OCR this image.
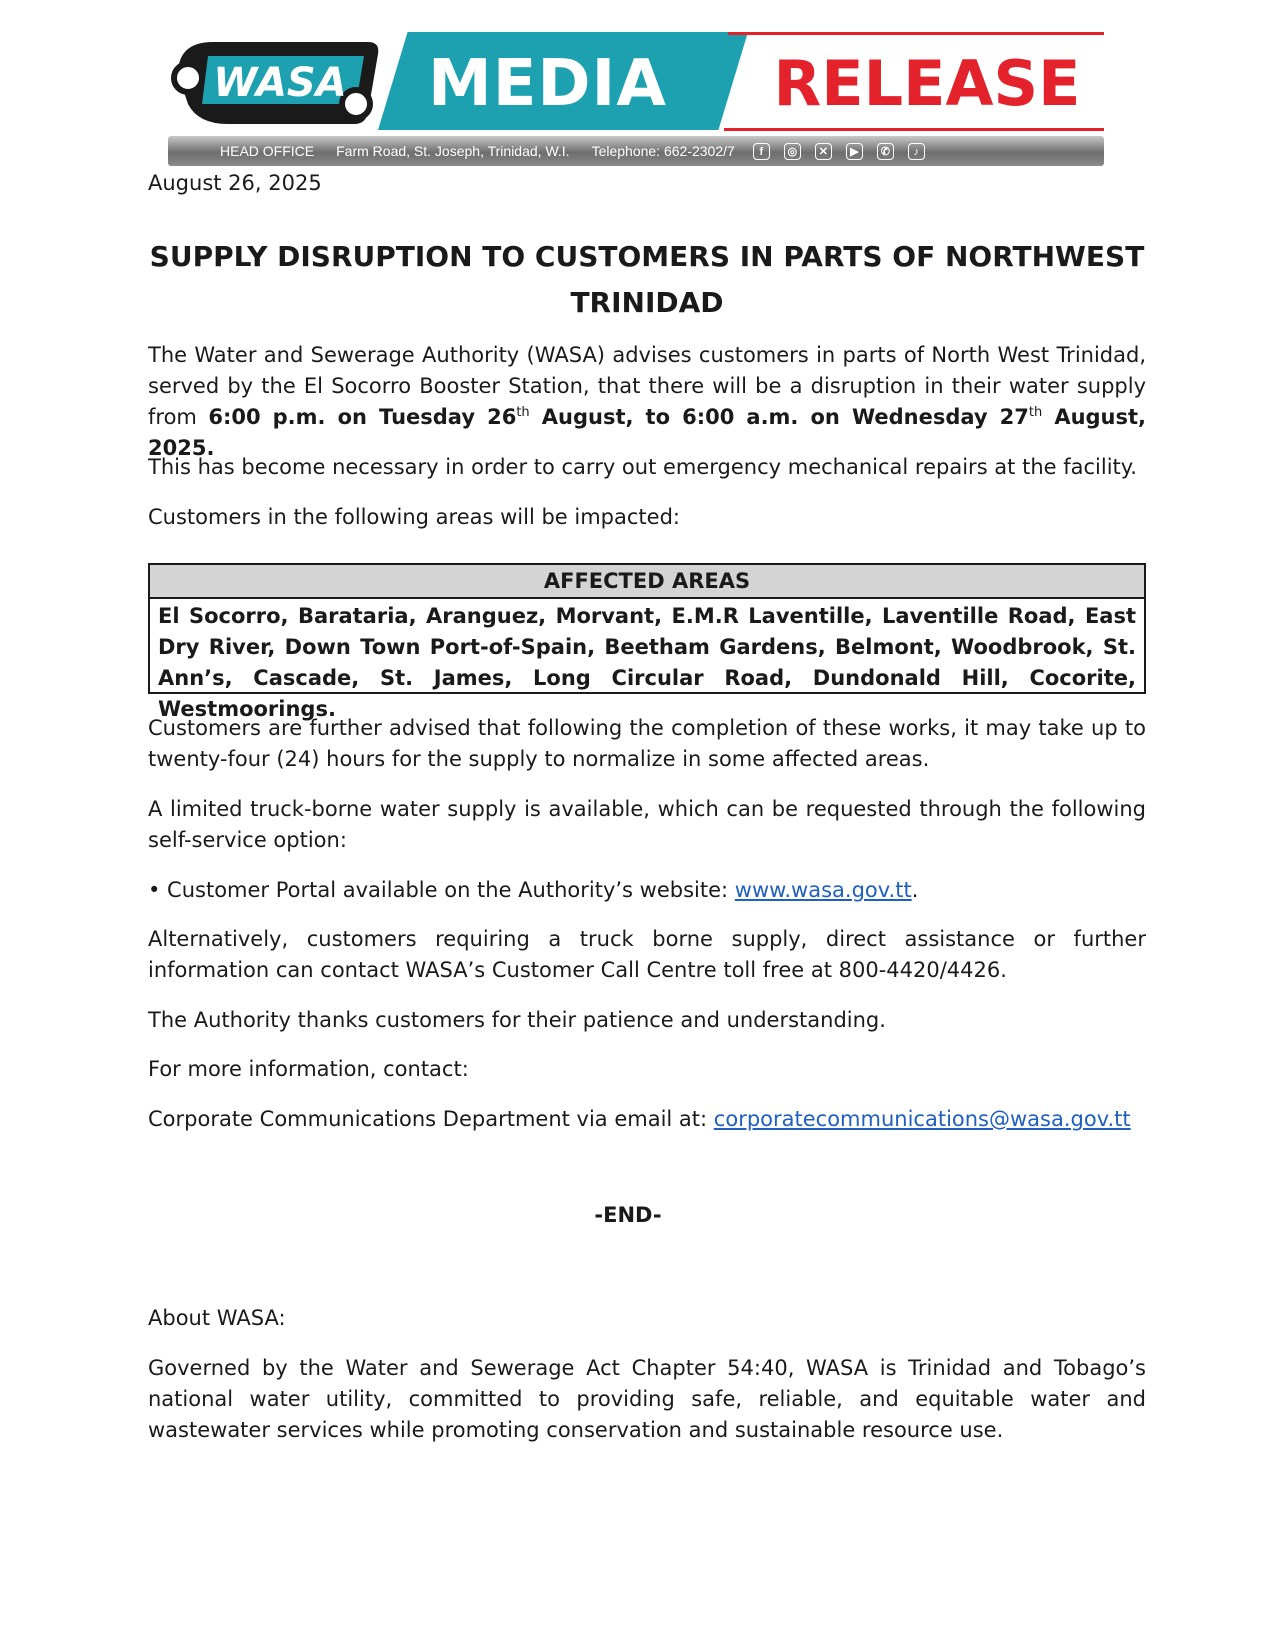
WASA MEDIA	RELEASE
HEAD OFFICE Farm Road, St. Joseph, Trinidad, W.I. Telephone: 662-2302/7	f	◎	✕	▶	✆	♪
August 26, 2025
SUPPLY DISRUPTION TO CUSTOMERS IN PARTS OF NORTHWEST TRINIDAD

The Water and Sewerage Authority (WASA) advises customers in parts of North West Trinidad, served by the El Socorro Booster Station, that there will be a disruption in their water supply from 6:00 p.m. on Tuesday 26th August, to 6:00 a.m. on Wednesday 27th August, 2025.

This has become necessary in order to carry out emergency mechanical repairs at the facility.

Customers in the following areas will be impacted:

AFFECTED AREAS
El Socorro, Barataria, Aranguez, Morvant, E.M.R Laventille, Laventille Road, East Dry River, Down Town Port-of-Spain, Beetham Gardens, Belmont, Woodbrook, St. Ann’s, Cascade, St. James, Long Circular Road, Dundonald Hill, Cocorite, Westmoorings.

Customers are further advised that following the completion of these works, it may take up to twenty-four (24) hours for the supply to normalize in some affected areas.

A limited truck-borne water supply is available, which can be requested through the following self-service option:

• Customer Portal available on the Authority’s website: www.wasa.gov.tt.

Alternatively, customers requiring a truck borne supply, direct assistance or further information can contact WASA’s Customer Call Centre toll free at 800-4420/4426.

The Authority thanks customers for their patience and understanding.

For more information, contact:

Corporate Communications Department via email at: corporatecommunications@wasa.gov.tt

-END-

About WASA:

Governed by the Water and Sewerage Act Chapter 54:40, WASA is Trinidad and Tobago’s national water utility, committed to providing safe, reliable, and equitable water and wastewater services while promoting conservation and sustainable resource use.
